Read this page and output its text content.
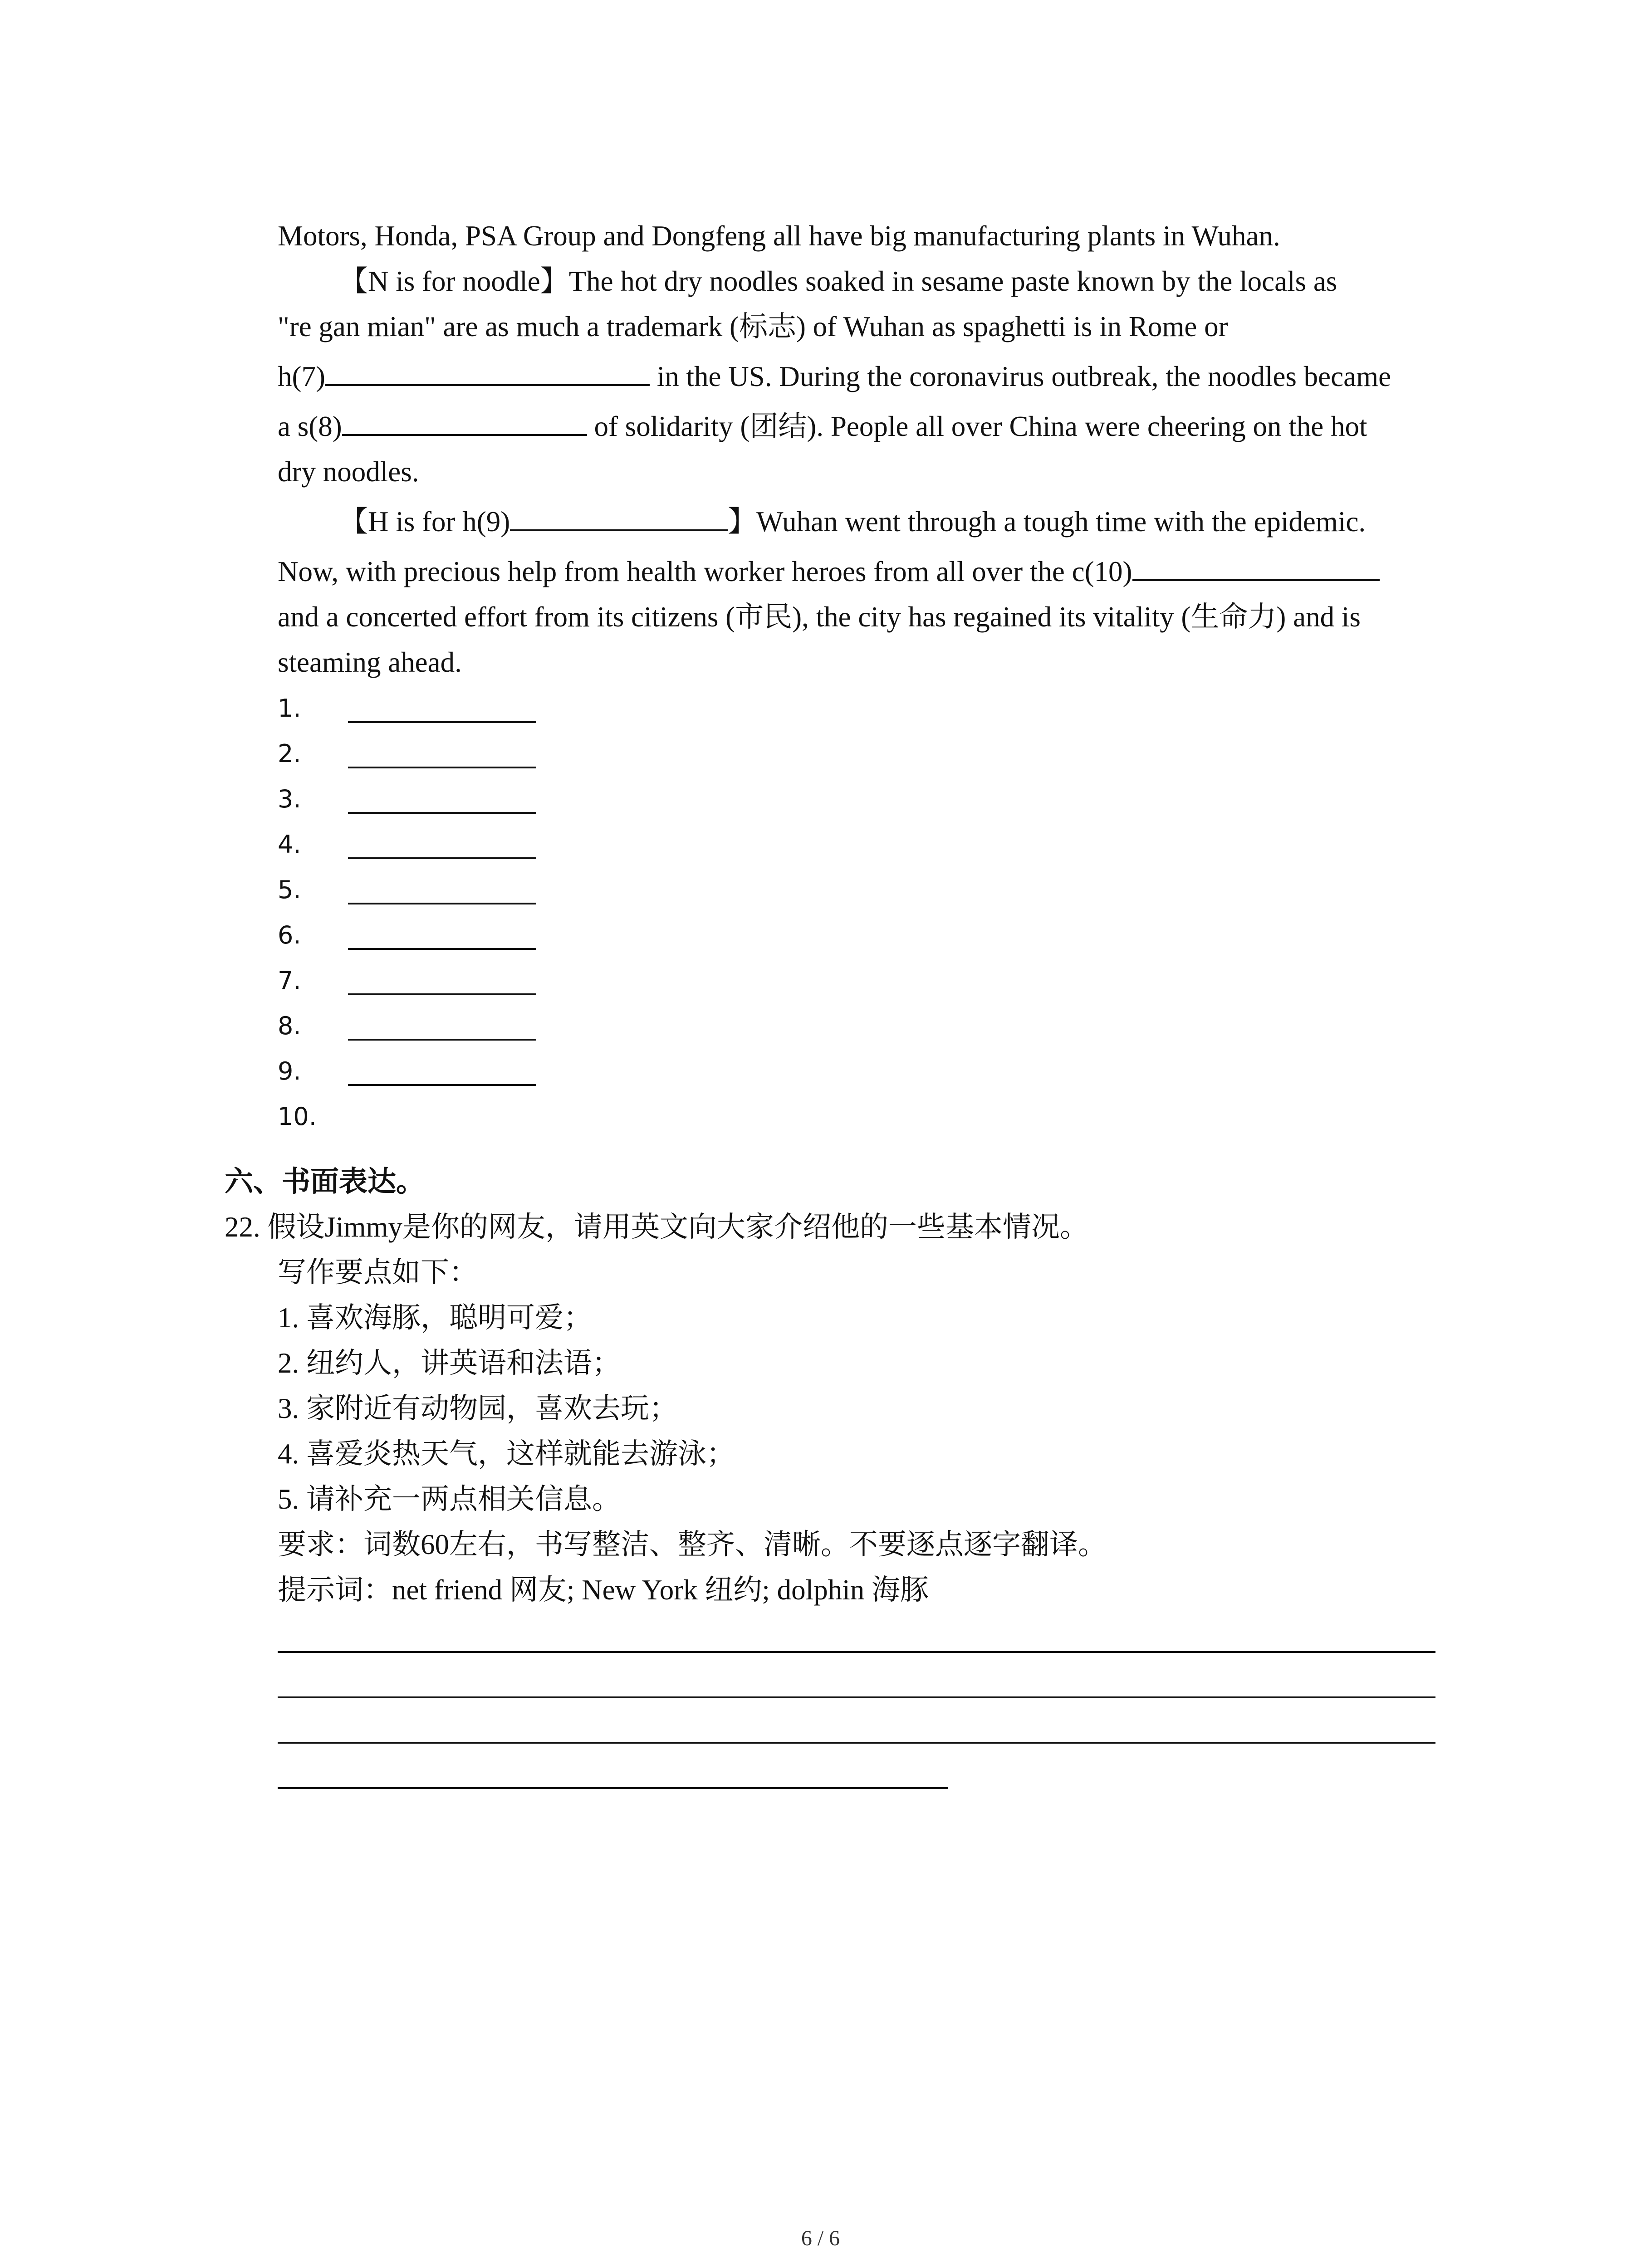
Motors, Honda, PSA Group and Dongfeng all have big manufacturing plants in Wuhan.
【N is for noodle】The hot dry noodles soaked in sesame paste known by the locals as
"re gan mian" are as much a trademark (标志) of Wuhan as spaghetti is in Rome or
h(7)	in the US. During the coronavirus outbreak, the noodles became
a s(8)	of solidarity (团结). People all over China were cheering on the hot
dry noodles.
【H is for h(9)	】Wuhan went through a tough time with the epidemic.
Now, with precious help from health worker heroes from all over the c(10)
and a concerted effort from its citizens (市民), the city has regained its vitality (生命力) and is
steaming ahead.
1.
2.
3.
4.
5.
6.
7.
8.
9.
10.
六、书面表达。
22. 假设Jimmy是你的网友，请用英文向大家介绍他的一些基本情况。
写作要点如下：
1. 喜欢海豚，聪明可爱；
2. 纽约人，讲英语和法语；
3. 家附近有动物园，喜欢去玩；
4. 喜爱炎热天气，这样就能去游泳；
5. 请补充一两点相关信息。
要求：词数60左右，书写整洁、整齐、清晰。不要逐点逐字翻译。
提示词：net friend 网友; New York 纽约; dolphin 海豚
6 / 6
